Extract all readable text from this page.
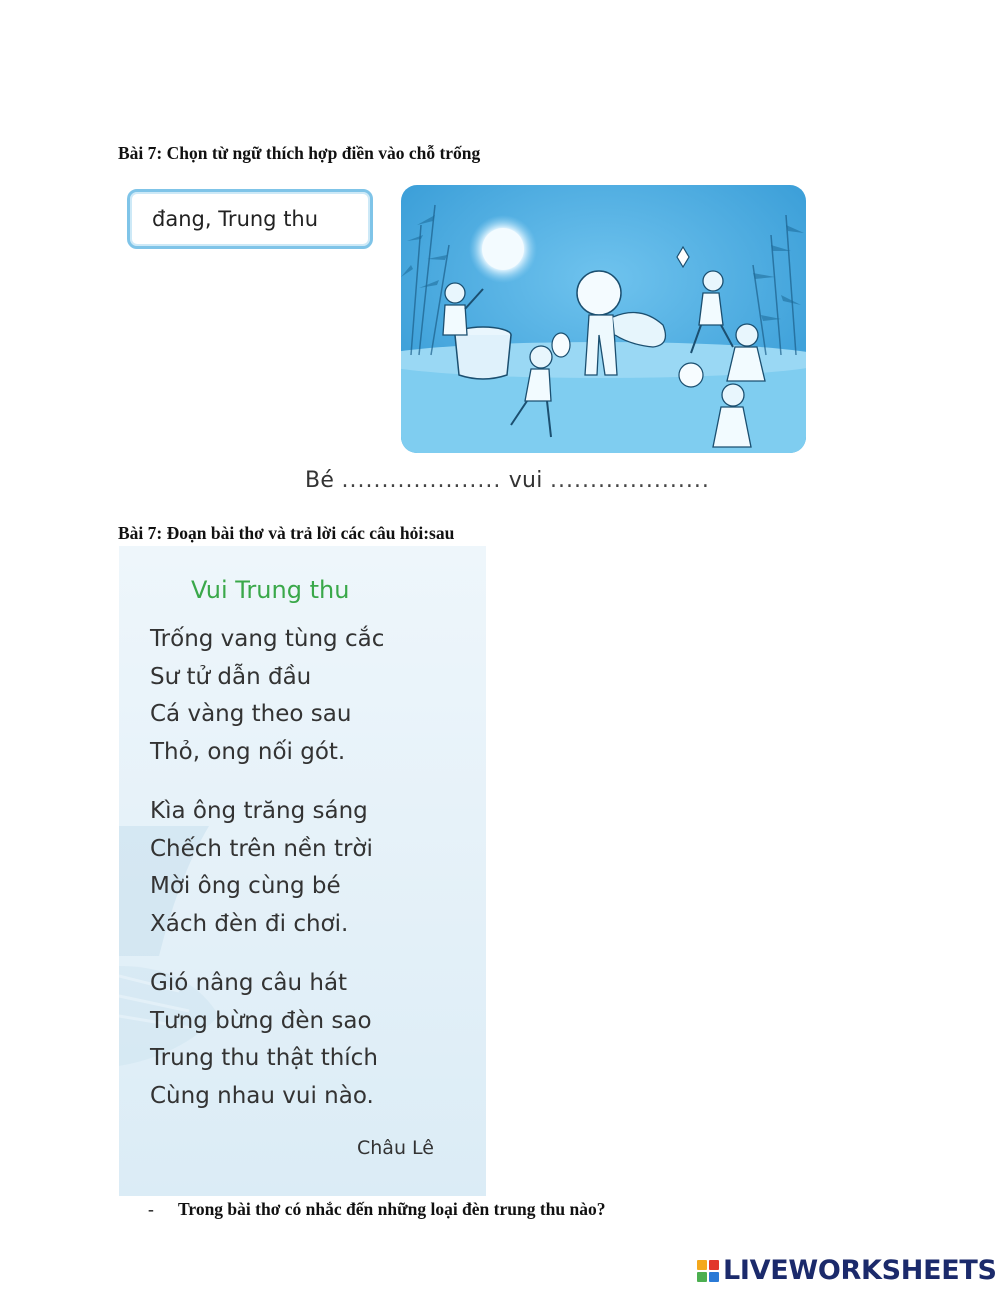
Bài 7: Chọn từ ngữ thích hợp điền vào chỗ trống
đang, Trung thu
Bé .................... vui ....................
Bài 7: Đoạn bài thơ và trả lời các câu hỏi:sau
Vui Trung thu
Trống vang tùng cắc
Sư tử dẫn đầu
Cá vàng theo sau
Thỏ, ong nối gót.
Kìa ông trăng sáng
Chếch trên nền trời
Mời ông cùng bé
Xách đèn đi chơi.
Gió nâng câu hát
Tưng bừng đèn sao
Trung thu thật thích
Cùng nhau vui nào.
Châu Lê
- Trong bài thơ có nhắc đến những loại đèn trung thu nào?
LIVEWORKSHEETS
